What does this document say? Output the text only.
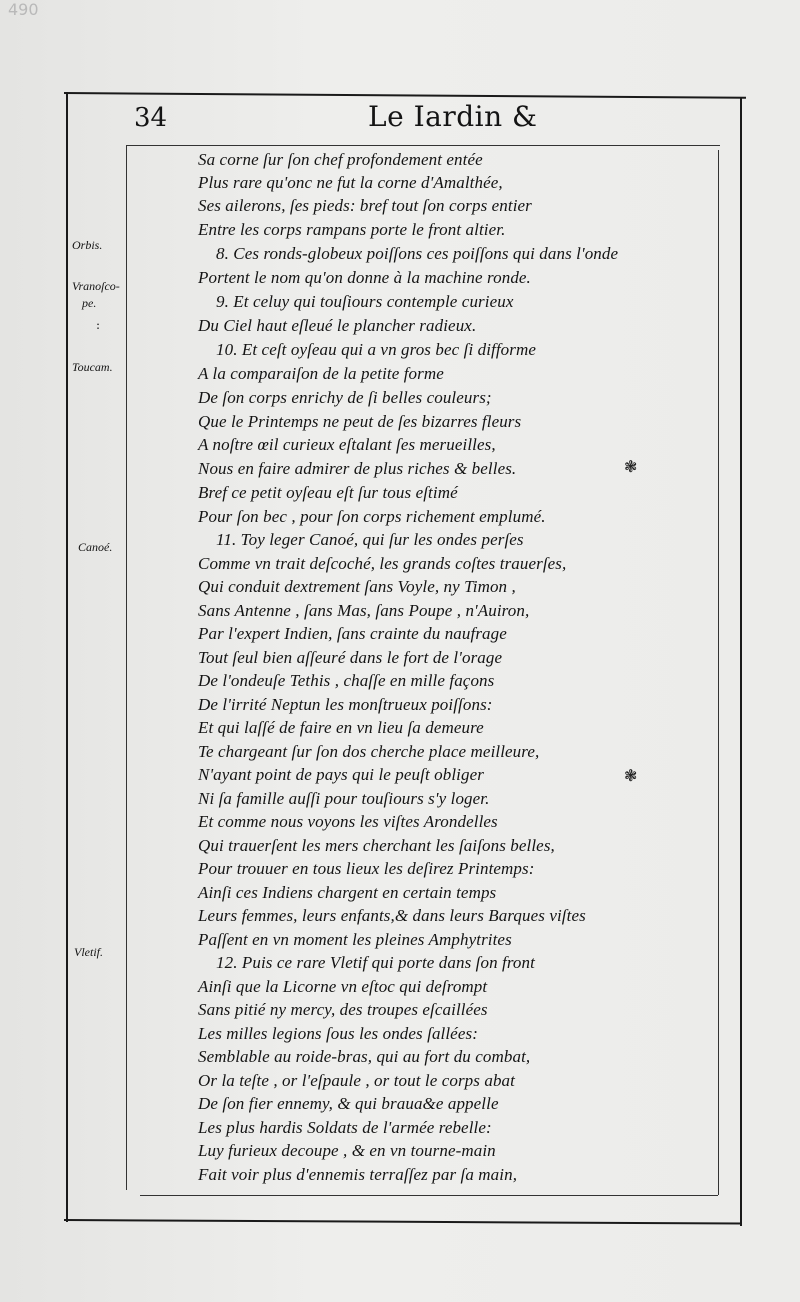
490
34	Le Iardin &
Orbis.
Vranoſco-
pe.
:
Toucam.
Canoé.
Vletif.
Sa corne ſur ſon chef profondement entée
Plus rare qu'onc ne fut la corne d'Amalthée,
Ses ailerons, ſes pieds: bref tout ſon corps entier
Entre les corps rampans porte le front altier.
8. Ces ronds-globeux poiſſons ces poiſſons qui dans l'onde
Portent le nom qu'on donne à la machine ronde.
9. Et celuy qui touſiours contemple curieux
Du Ciel haut eſleué le plancher radieux.
10. Et ceſt oyſeau qui a vn gros bec ſi difforme
A la comparaiſon de la petite forme
De ſon corps enrichy de ſi belles couleurs;
Que le Printemps ne peut de ſes bizarres fleurs
A noſtre œil curieux eſtalant ſes merueilles,
Nous en faire admirer de plus riches & belles.
Bref ce petit oyſeau eſt ſur tous eſtimé
Pour ſon bec , pour ſon corps richement emplumé.
11. Toy leger Canoé, qui ſur les ondes perſes
Comme vn trait deſcoché, les grands coſtes trauerſes,
Qui conduit dextrement ſans Voyle, ny Timon ,
Sans Antenne , ſans Mas, ſans Poupe , n'Auiron,
Par l'expert Indien, ſans crainte du naufrage
Tout ſeul bien aſſeuré dans le fort de l'orage
De l'ondeuſe Tethis , chaſſe en mille façons
De l'irrité Neptun les monſtrueux poiſſons:
Et qui laſſé de faire en vn lieu ſa demeure
Te chargeant ſur ſon dos cherche place meilleure,
N'ayant point de pays qui le peuſt obliger
Ni ſa famille auſſi pour touſiours s'y loger.
Et comme nous voyons les viſtes Arondelles
Qui trauerſent les mers cherchant les ſaiſons belles,
Pour trouuer en tous lieux les deſirez Printemps:
Ainſi ces Indiens chargent en certain temps
Leurs femmes, leurs enfants,& dans leurs Barques viſtes
Paſſent en vn moment les pleines Amphytrites
12. Puis ce rare Vletif qui porte dans ſon front
Ainſi que la Licorne vn eſtoc qui deſrompt
Sans pitié ny mercy, des troupes eſcaillées
Les milles legions ſous les ondes ſallées:
Semblable au roide-bras, qui au fort du combat,
Or la teſte , or l'eſpaule , or tout le corps abat
De ſon fier ennemy, & qui braua&e appelle
Les plus hardis Soldats de l'armée rebelle:
Luy furieux decoupe , & en vn tourne-main
Fait voir plus d'ennemis terraſſez par ſa main,
❃
❃
